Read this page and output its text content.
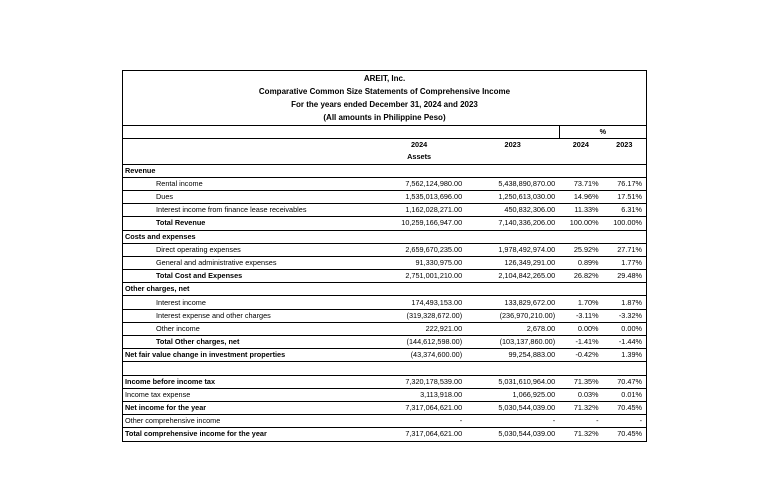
AREIT, Inc.
Comparative Common Size Statements of Comprehensive Income
For the years ended December 31, 2024 and 2023
(All amounts in Philippine Peso)
			%	
	2024	2023	2024	2023
	Assets			
Revenue				
Rental income	7,562,124,980.00	5,438,890,870.00	73.71%	76.17%
Dues	1,535,013,696.00	1,250,613,030.00	14.96%	17.51%
Interest income from finance lease receivables	1,162,028,271.00	450,832,306.00	11.33%	6.31%
Total Revenue	10,259,166,947.00	7,140,336,206.00	100.00%	100.00%
Costs and expenses				
Direct operating expenses	2,659,670,235.00	1,978,492,974.00	25.92%	27.71%
General and administrative expenses	91,330,975.00	126,349,291.00	0.89%	1.77%
Total Cost and Expenses	2,751,001,210.00	2,104,842,265.00	26.82%	29.48%
Other charges, net				
Interest income	174,493,153.00	133,829,672.00	1.70%	1.87%
Interest expense and other charges	(319,328,672.00)	(236,970,210.00)	-3.11%	-3.32%
Other income	222,921.00	2,678.00	0.00%	0.00%
Total Other charges, net	(144,612,598.00)	(103,137,860.00)	-1.41%	-1.44%
Net fair value change in investment properties	(43,374,600.00)	99,254,883.00	-0.42%	1.39%

Income before income tax	7,320,178,539.00	5,031,610,964.00	71.35%	70.47%
Income tax expense	3,113,918.00	1,066,925.00	0.03%	0.01%
Net income for the year	7,317,064,621.00	5,030,544,039.00	71.32%	70.45%
Other comprehensive income	-	-	-	-
Total comprehensive income for the year	7,317,064,621.00	5,030,544,039.00	71.32%	70.45%
